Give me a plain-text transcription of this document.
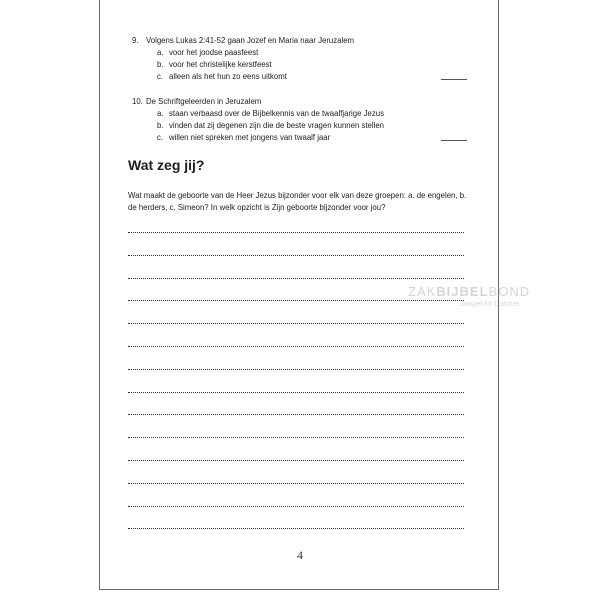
9. Volgens Lukas 2:41-52 gaan Jozef en Maria naar Jeruzalem
a. voor het joodse paasfeest
b. voor het christelijke kerstfeest
c. alleen als het hun zo eens uitkomt
10. De Schriftgeleerden in Jeruzalem
a. staan verbaasd over de Bijbelkennis van de twaalfjarige Jezus
b. vinden dat zij degenen zijn die de beste vragen kunnen stellen
c. willen niet spreken met jongens van twaalf jaar
Wat zeg jij?

Wat maakt de geboorte van de Heer Jezus bijzonder voor elk van deze groepen: a. de engelen, b. de herders, c. Simeon? In welk opzicht is Zijn geboorte bijzonder voor jou?

ZAKBIJBELBOND
Gospel for Dutches

4
